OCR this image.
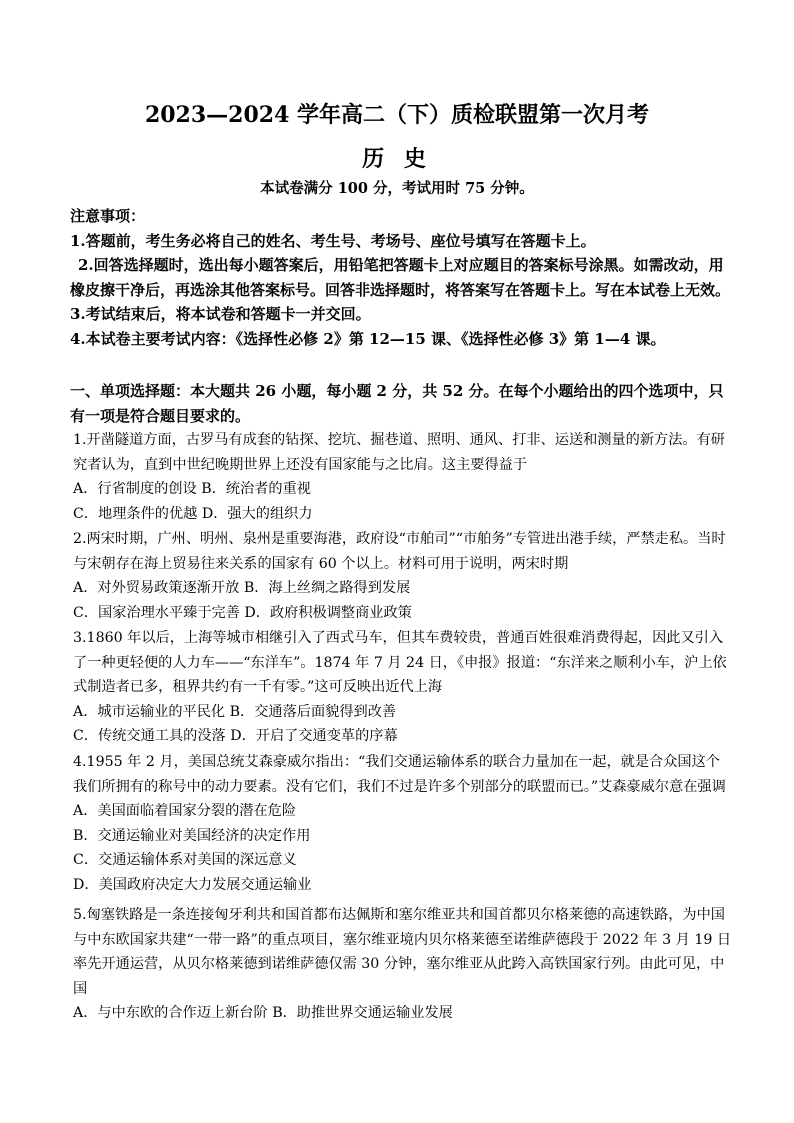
2023—2024 学年高二（下）质检联盟第一次月考
历 史
本试卷满分 100 分，考试用时 75 分钟。

注意事项：

1.答题前，考生务必将自己的姓名、考生号、考场号、座位号填写在答题卡上。

2.回答选择题时，选出每小题答案后，用铅笔把答题卡上对应题目的答案标号涂黑。如需改动，用橡皮擦干净后，再选涂其他答案标号。回答非选择题时，将答案写在答题卡上。写在本试卷上无效。

3.考试结束后，将本试卷和答题卡一并交回。

4.本试卷主要考试内容：《选择性必修 2》第 12—15 课、《选择性必修 3》第 1—4 课。

一、单项选择题：本大题共 26 小题，每小题 2 分，共 52 分。在每个小题给出的四个选项中，只有一项是符合题目要求的。

1.开凿隧道方面，古罗马有成套的钻探、挖坑、掘巷道、照明、通风、打非、运送和测量的新方法。有研究者认为，直到中世纪晚期世界上还没有国家能与之比肩。这主要得益于

A．行省制度的创设 B．统治者的重视

C．地理条件的优越 D．强大的组织力

2.两宋时期，广州、明州、泉州是重要海港，政府设“市舶司”“市舶务”专管进出港手续，严禁走私。当时与宋朝存在海上贸易往来关系的国家有 60 个以上。材料可用于说明，两宋时期

A．对外贸易政策逐渐开放 B．海上丝绸之路得到发展

C．国家治理水平臻于完善 D．政府积极调整商业政策

3.1860 年以后，上海等城市相继引入了西式马车，但其车费较贵，普通百姓很难消费得起，因此又引入了一种更轻便的人力车——“东洋车”。1874 年 7 月 24 日，《申报》报道：“东洋来之顺利小车，沪上依式制造者已多，租界共约有一千有零。”这可反映出近代上海

A．城市运输业的平民化 B．交通落后面貌得到改善

C．传统交通工具的没落 D．开启了交通变革的序幕

4.1955 年 2 月，美国总统艾森豪威尔指出：“我们交通运输体系的联合力量加在一起，就是合众国这个我们所拥有的称号中的动力要素。没有它们，我们不过是许多个别部分的联盟而已。”艾森豪威尔意在强调

A．美国面临着国家分裂的潜在危险

B．交通运输业对美国经济的决定作用

C．交通运输体系对美国的深远意义

D．美国政府决定大力发展交通运输业

5.匈塞铁路是一条连接匈牙利共和国首都布达佩斯和塞尔维亚共和国首都贝尔格莱德的高速铁路，为中国与中东欧国家共建“一带一路”的重点项目，塞尔维亚境内贝尔格莱德至诺维萨德段于 2022 年 3 月 19 日率先开通运营，从贝尔格莱德到诺维萨德仅需 30 分钟，塞尔维亚从此跨入高铁国家行列。由此可见，中国

A．与中东欧的合作迈上新台阶 B．助推世界交通运输业发展
